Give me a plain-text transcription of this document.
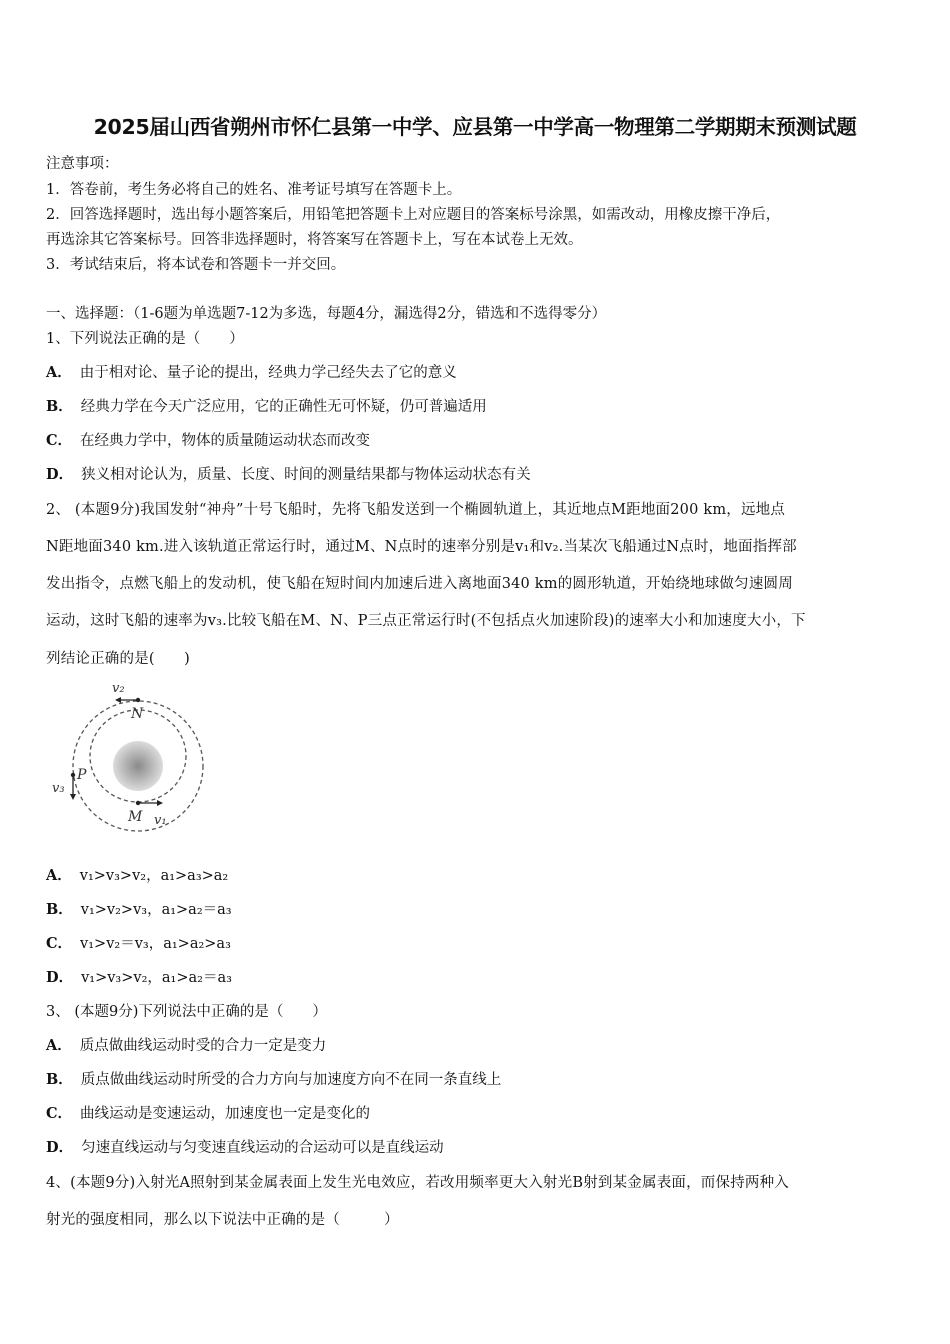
2025届山西省朔州市怀仁县第一中学、应县第一中学高一物理第二学期期末预测试题
注意事项：
1．答卷前，考生务必将自己的姓名、准考证号填写在答题卡上。
2．回答选择题时，选出每小题答案后，用铅笔把答题卡上对应题目的答案标号涂黑，如需改动，用橡皮擦干净后，
再选涂其它答案标号。回答非选择题时，将答案写在答题卡上，写在本试卷上无效。
3．考试结束后，将本试卷和答题卡一并交回。
一、选择题：（1-6题为单选题7-12为多选，每题4分，漏选得2分，错选和不选得零分）
1、下列说法正确的是（　　）
A． 由于相对论、量子论的提出，经典力学己经失去了它的意义
B． 经典力学在今天广泛应用，它的正确性无可怀疑，仍可普遍适用
C． 在经典力学中，物体的质量随运动状态而改变
D． 狭义相对论认为，质量、长度、时间的测量结果都与物体运动状态有关
2、 (本题9分)我国发射“神舟”十号飞船时，先将飞船发送到一个椭圆轨道上，其近地点M距地面200 km，远地点
N距地面340 km.进入该轨道正常运行时，通过M、N点时的速率分别是v₁和v₂.当某次飞船通过N点时，地面指挥部
发出指令，点燃飞船上的发动机，使飞船在短时间内加速后进入离地面340 km的圆形轨道，开始绕地球做匀速圆周
运动，这时飞船的速率为v₃.比较飞船在M、N、P三点正常运行时(不包括点火加速阶段)的速率大小和加速度大小，下
列结论正确的是(　　)
v₂
N
P
v₃
M v₁
A． v₁>v₃>v₂，a₁>a₃>a₂
B． v₁>v₂>v₃，a₁>a₂＝a₃
C． v₁>v₂＝v₃，a₁>a₂>a₃
D． v₁>v₃>v₂，a₁>a₂＝a₃
3、 (本题9分)下列说法中正确的是（　　）
A． 质点做曲线运动时受的合力一定是变力
B． 质点做曲线运动时所受的合力方向与加速度方向不在同一条直线上
C． 曲线运动是变速运动，加速度也一定是变化的
D． 匀速直线运动与匀变速直线运动的合运动可以是直线运动
4、(本题9分)入射光A照射到某金属表面上发生光电效应，若改用频率更大入射光B射到某金属表面，而保持两种入
射光的强度相同，那么以下说法中正确的是（　　　）
